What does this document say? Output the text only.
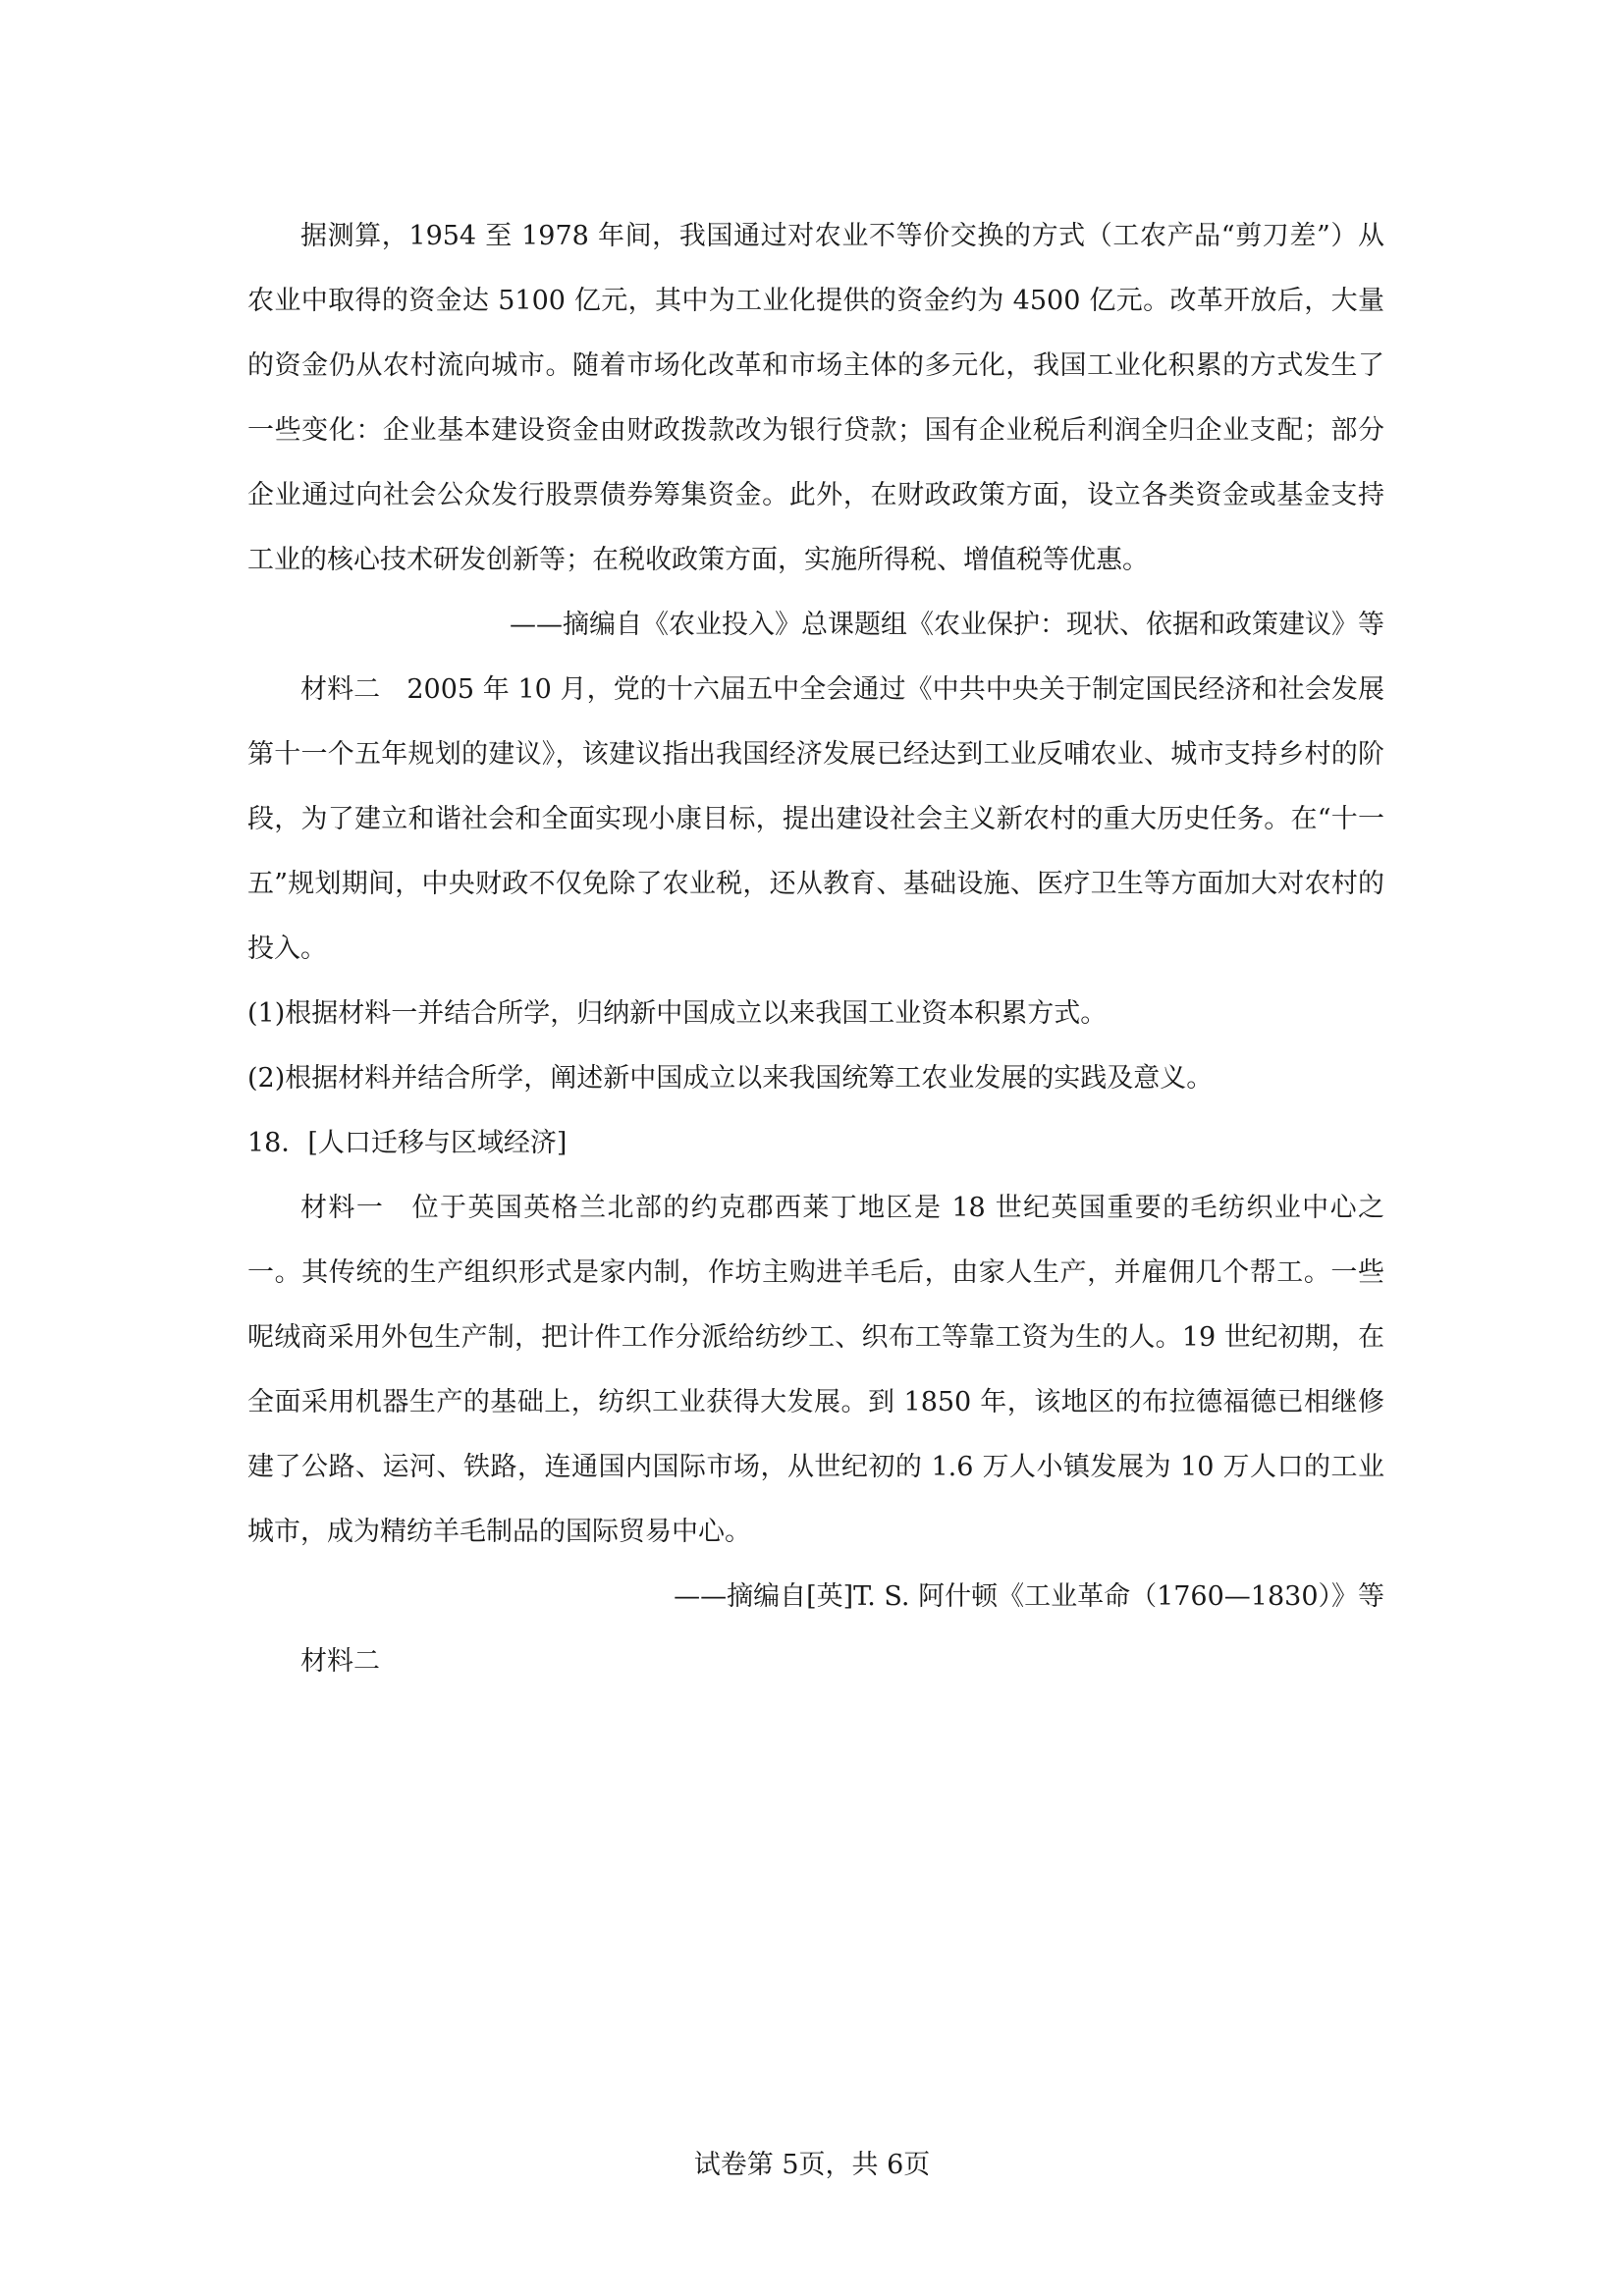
据测算，1954 至 1978 年间，我国通过对农业不等价交换的方式（工农产品“剪刀差”）从农业中取得的资金达 5100 亿元，其中为工业化提供的资金约为 4500 亿元。改革开放后，大量的资金仍从农村流向城市。随着市场化改革和市场主体的多元化，我国工业化积累的方式发生了一些变化：企业基本建设资金由财政拨款改为银行贷款；国有企业税后利润全归企业支配；部分企业通过向社会公众发行股票债券筹集资金。此外，在财政政策方面，设立各类资金或基金支持工业的核心技术研发创新等；在税收政策方面，实施所得税、增值税等优惠。

——摘编自《农业投入》总课题组《农业保护：现状、依据和政策建议》等

材料二　2005 年 10 月，党的十六届五中全会通过《中共中央关于制定国民经济和社会发展第十一个五年规划的建议》，该建议指出我国经济发展已经达到工业反哺农业、城市支持乡村的阶段，为了建立和谐社会和全面实现小康目标，提出建设社会主义新农村的重大历史任务。在“十一五”规划期间，中央财政不仅免除了农业税，还从教育、基础设施、医疗卫生等方面加大对农村的投入。

(1)根据材料一并结合所学，归纳新中国成立以来我国工业资本积累方式。

(2)根据材料并结合所学，阐述新中国成立以来我国统筹工农业发展的实践及意义。

18．[人口迁移与区域经济]

材料一　位于英国英格兰北部的约克郡西莱丁地区是 18 世纪英国重要的毛纺织业中心之一。其传统的生产组织形式是家内制，作坊主购进羊毛后，由家人生产，并雇佣几个帮工。一些呢绒商采用外包生产制，把计件工作分派给纺纱工、织布工等靠工资为生的人。19 世纪初期，在全面采用机器生产的基础上，纺织工业获得大发展。到 1850 年，该地区的布拉德福德已相继修建了公路、运河、铁路，连通国内国际市场，从世纪初的 1.6 万人小镇发展为 10 万人口的工业城市，成为精纺羊毛制品的国际贸易中心。

——摘编自[英]T. S. 阿什顿《工业革命（1760—1830）》等

材料二

试卷第 5页，共 6页
